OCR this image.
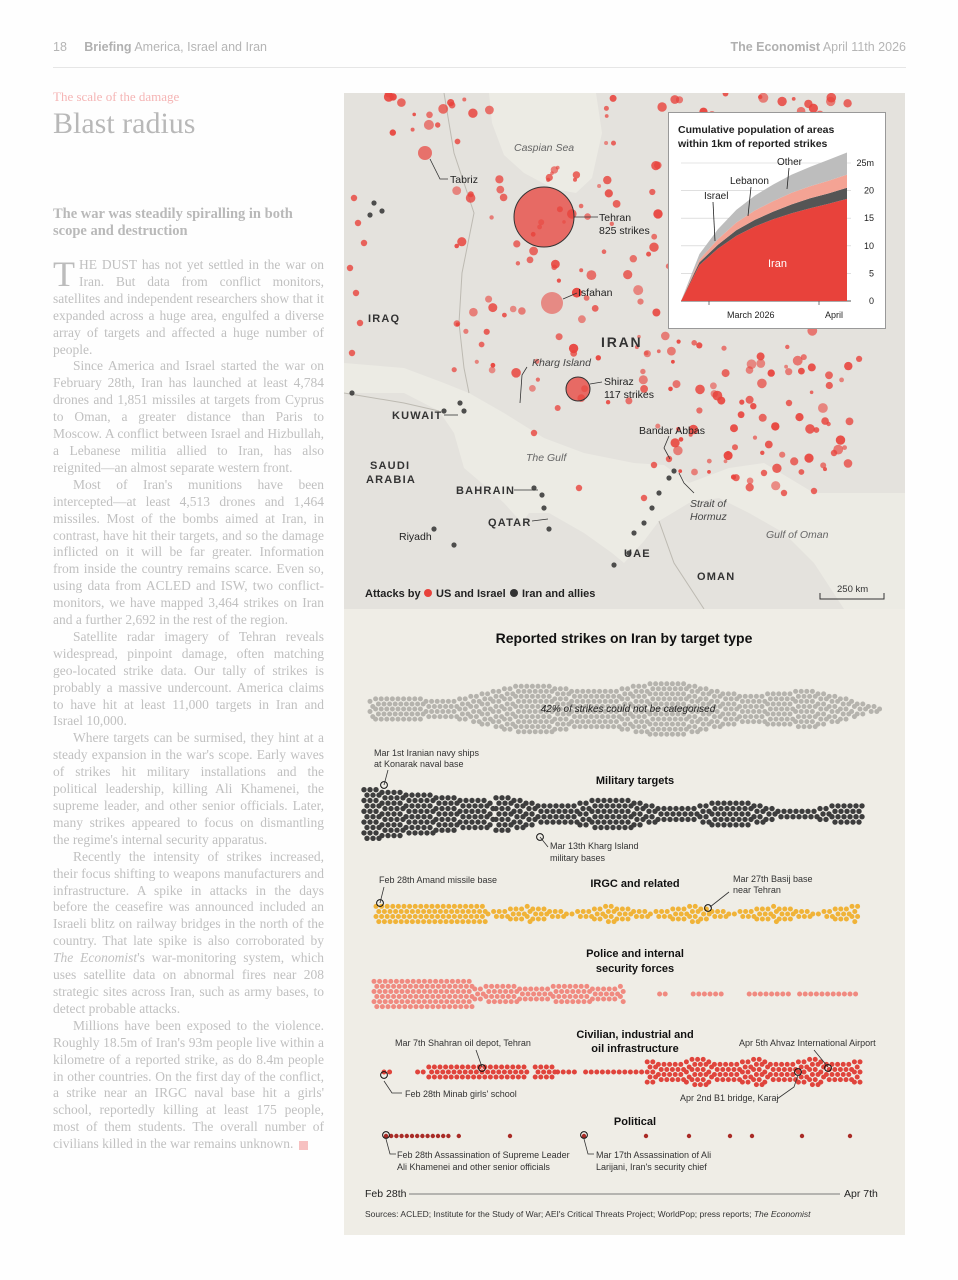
18 Briefing America, Israel and Iran	The Economist April 11th 2026
The scale of the damage
Blast radius
The war was steadily spiralling in both scope and destruction

THE DUST has not yet settled in the war on Iran. But data from conflict monitors, satellites and independent researchers show that it expanded across a huge area, engulfed a diverse array of targets and affected a huge number of people.

Since America and Israel started the war on February 28th, Iran has launched at least 4,784 drones and 1,851 missiles at targets from Cyprus to Oman, a greater distance than Paris to Moscow. A conflict between Israel and Hizbullah, a Lebanese militia allied to Iran, has also reignited—an almost separate western front.

Most of Iran's munitions have been intercepted—at least 4,513 drones and 1,464 missiles. Most of the bombs aimed at Iran, in contrast, have hit their targets, and so the damage inflicted on it will be far greater. Information from inside the country remains scarce. Even so, using data from ACLED and ISW, two conflict-monitors, we have mapped 3,464 strikes on Iran and a further 2,692 in the rest of the region.

Satellite radar imagery of Tehran reveals widespread, pinpoint damage, often matching geo-located strike data. Our tally of strikes is probably a massive undercount. America claims to have hit at least 11,000 targets in Iran and Israel 10,000.

Where targets can be surmised, they hint at a steady expansion in the war's scope. Early waves of strikes hit military installations and the political leadership, killing Ali Khamenei, the supreme leader, and other senior officials. Later, many strikes appeared to focus on dismantling the regime's internal security apparatus.

Recently the intensity of strikes increased, their focus shifting to weapons manufacturers and infrastructure. A spike in attacks in the days before the ceasefire was announced included an Israeli blitz on railway bridges in the north of the country. That late spike is also corroborated by The Economist's war-monitoring system, which uses satellite data on abnormal fires near 208 strategic sites across Iran, such as army bases, to detect probable attacks.

Millions have been exposed to the violence. Roughly 18.5m of Iran's 93m people live within a kilometre of a reported strike, as do 8.4m people in other countries. On the first day of the conflict, a strike near an IRGC naval base hit a girls' school, reportedly killing at least 175 people, most of them students. The overall number of civilians killed in the war remains unknown.

Caspian Sea
Tabriz
Tehran
825 strikes
Isfahan
IRAQ
IRAN
Kharg Island
Shiraz
117 strikes
KUWAIT
Bandar Abbas
The Gulf
SAUDI
ARABIA
BAHRAIN
Strait of
Hormuz
QATAR
Gulf of Oman
Riyadh
UAE
OMAN
Attacks by US and Israel Iran and allies	250 km
Cumulative population of areas
within 1km of reported strikes
25m
20
15
10
5
0
Other
Lebanon
Israel
Iran
March 2026	April
Reported strikes on Iran by target type
42% of strikes could not be categorised
Mar 1st Iranian navy ships
at Konarak naval base
Military targets
Mar 13th Kharg Island
military bases
Feb 28th Amand missile base	IRGC and related	Mar 27th Basij base
near Tehran
Police and internal
security forces
Civilian, industrial and
oil infrastructure
Mar 7th Shahran oil depot, Tehran	Apr 5th Ahvaz International Airport
Feb 28th Minab girls' school	Apr 2nd B1 bridge, Karaj
Political
Feb 28th Assassination of Supreme Leader
Ali Khamenei and other senior officials
Mar 17th Assassination of Ali
Larijani, Iran's security chief
Feb 28th	Apr 7th
Sources: ACLED; Institute for the Study of War; AEI's Critical Threats Project; WorldPop; press reports; The Economist
